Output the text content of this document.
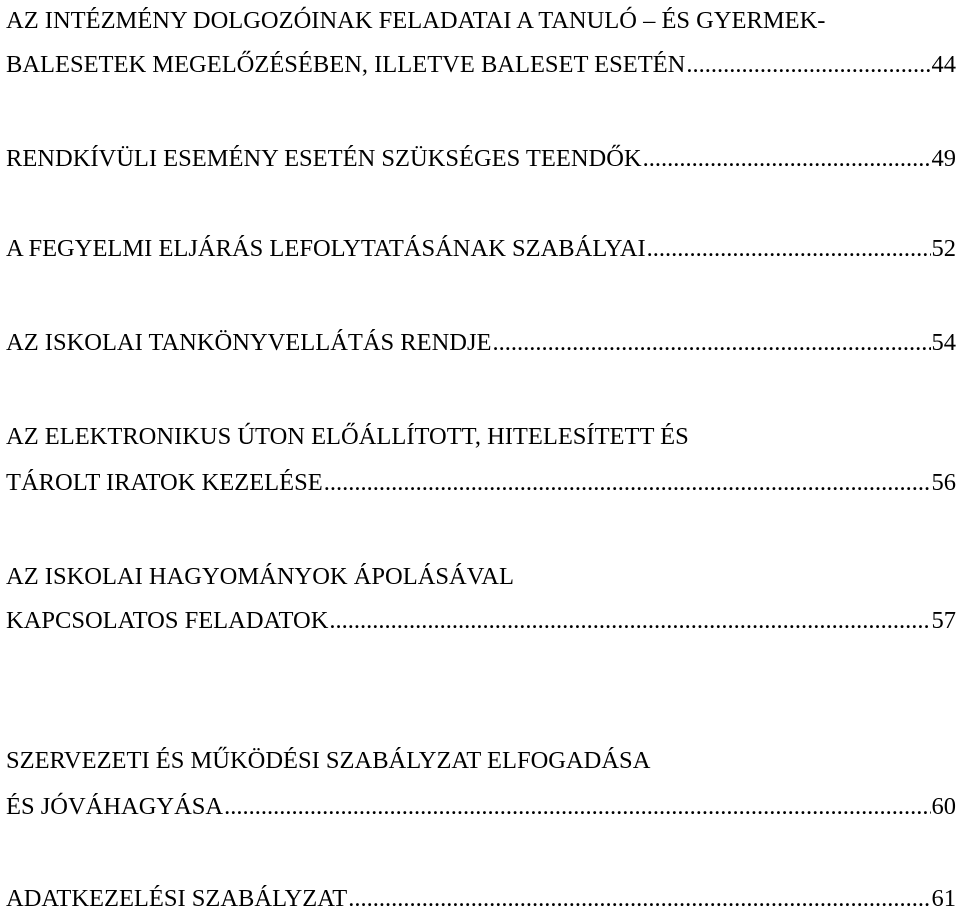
AZ INTÉZMÉNY DOLGOZÓINAK FELADATAI A TANULÓ – ÉS GYERMEK-
BALESETEK MEGELŐZÉSÉBEN, ILLETVE BALESET ESETÉN .....	44
RENDKÍVÜLI ESEMÉNY ESETÉN SZÜKSÉGES TEENDŐK .....	49
A FEGYELMI ELJÁRÁS LEFOLYTATÁSÁNAK SZABÁLYAI .....	52
AZ ISKOLAI TANKÖNYVELLÁTÁS RENDJE .....	54
AZ ELEKTRONIKUS ÚTON ELŐÁLLÍTOTT, HITELESÍTETT ÉS
TÁROLT IRATOK KEZELÉSE .....	56
AZ ISKOLAI HAGYOMÁNYOK ÁPOLÁSÁVAL
KAPCSOLATOS FELADATOK .....	57
SZERVEZETI ÉS MŰKÖDÉSI SZABÁLYZAT ELFOGADÁSA
ÉS JÓVÁHAGYÁSA .....	60
ADATKEZELÉSI SZABÁLYZAT .....	61
